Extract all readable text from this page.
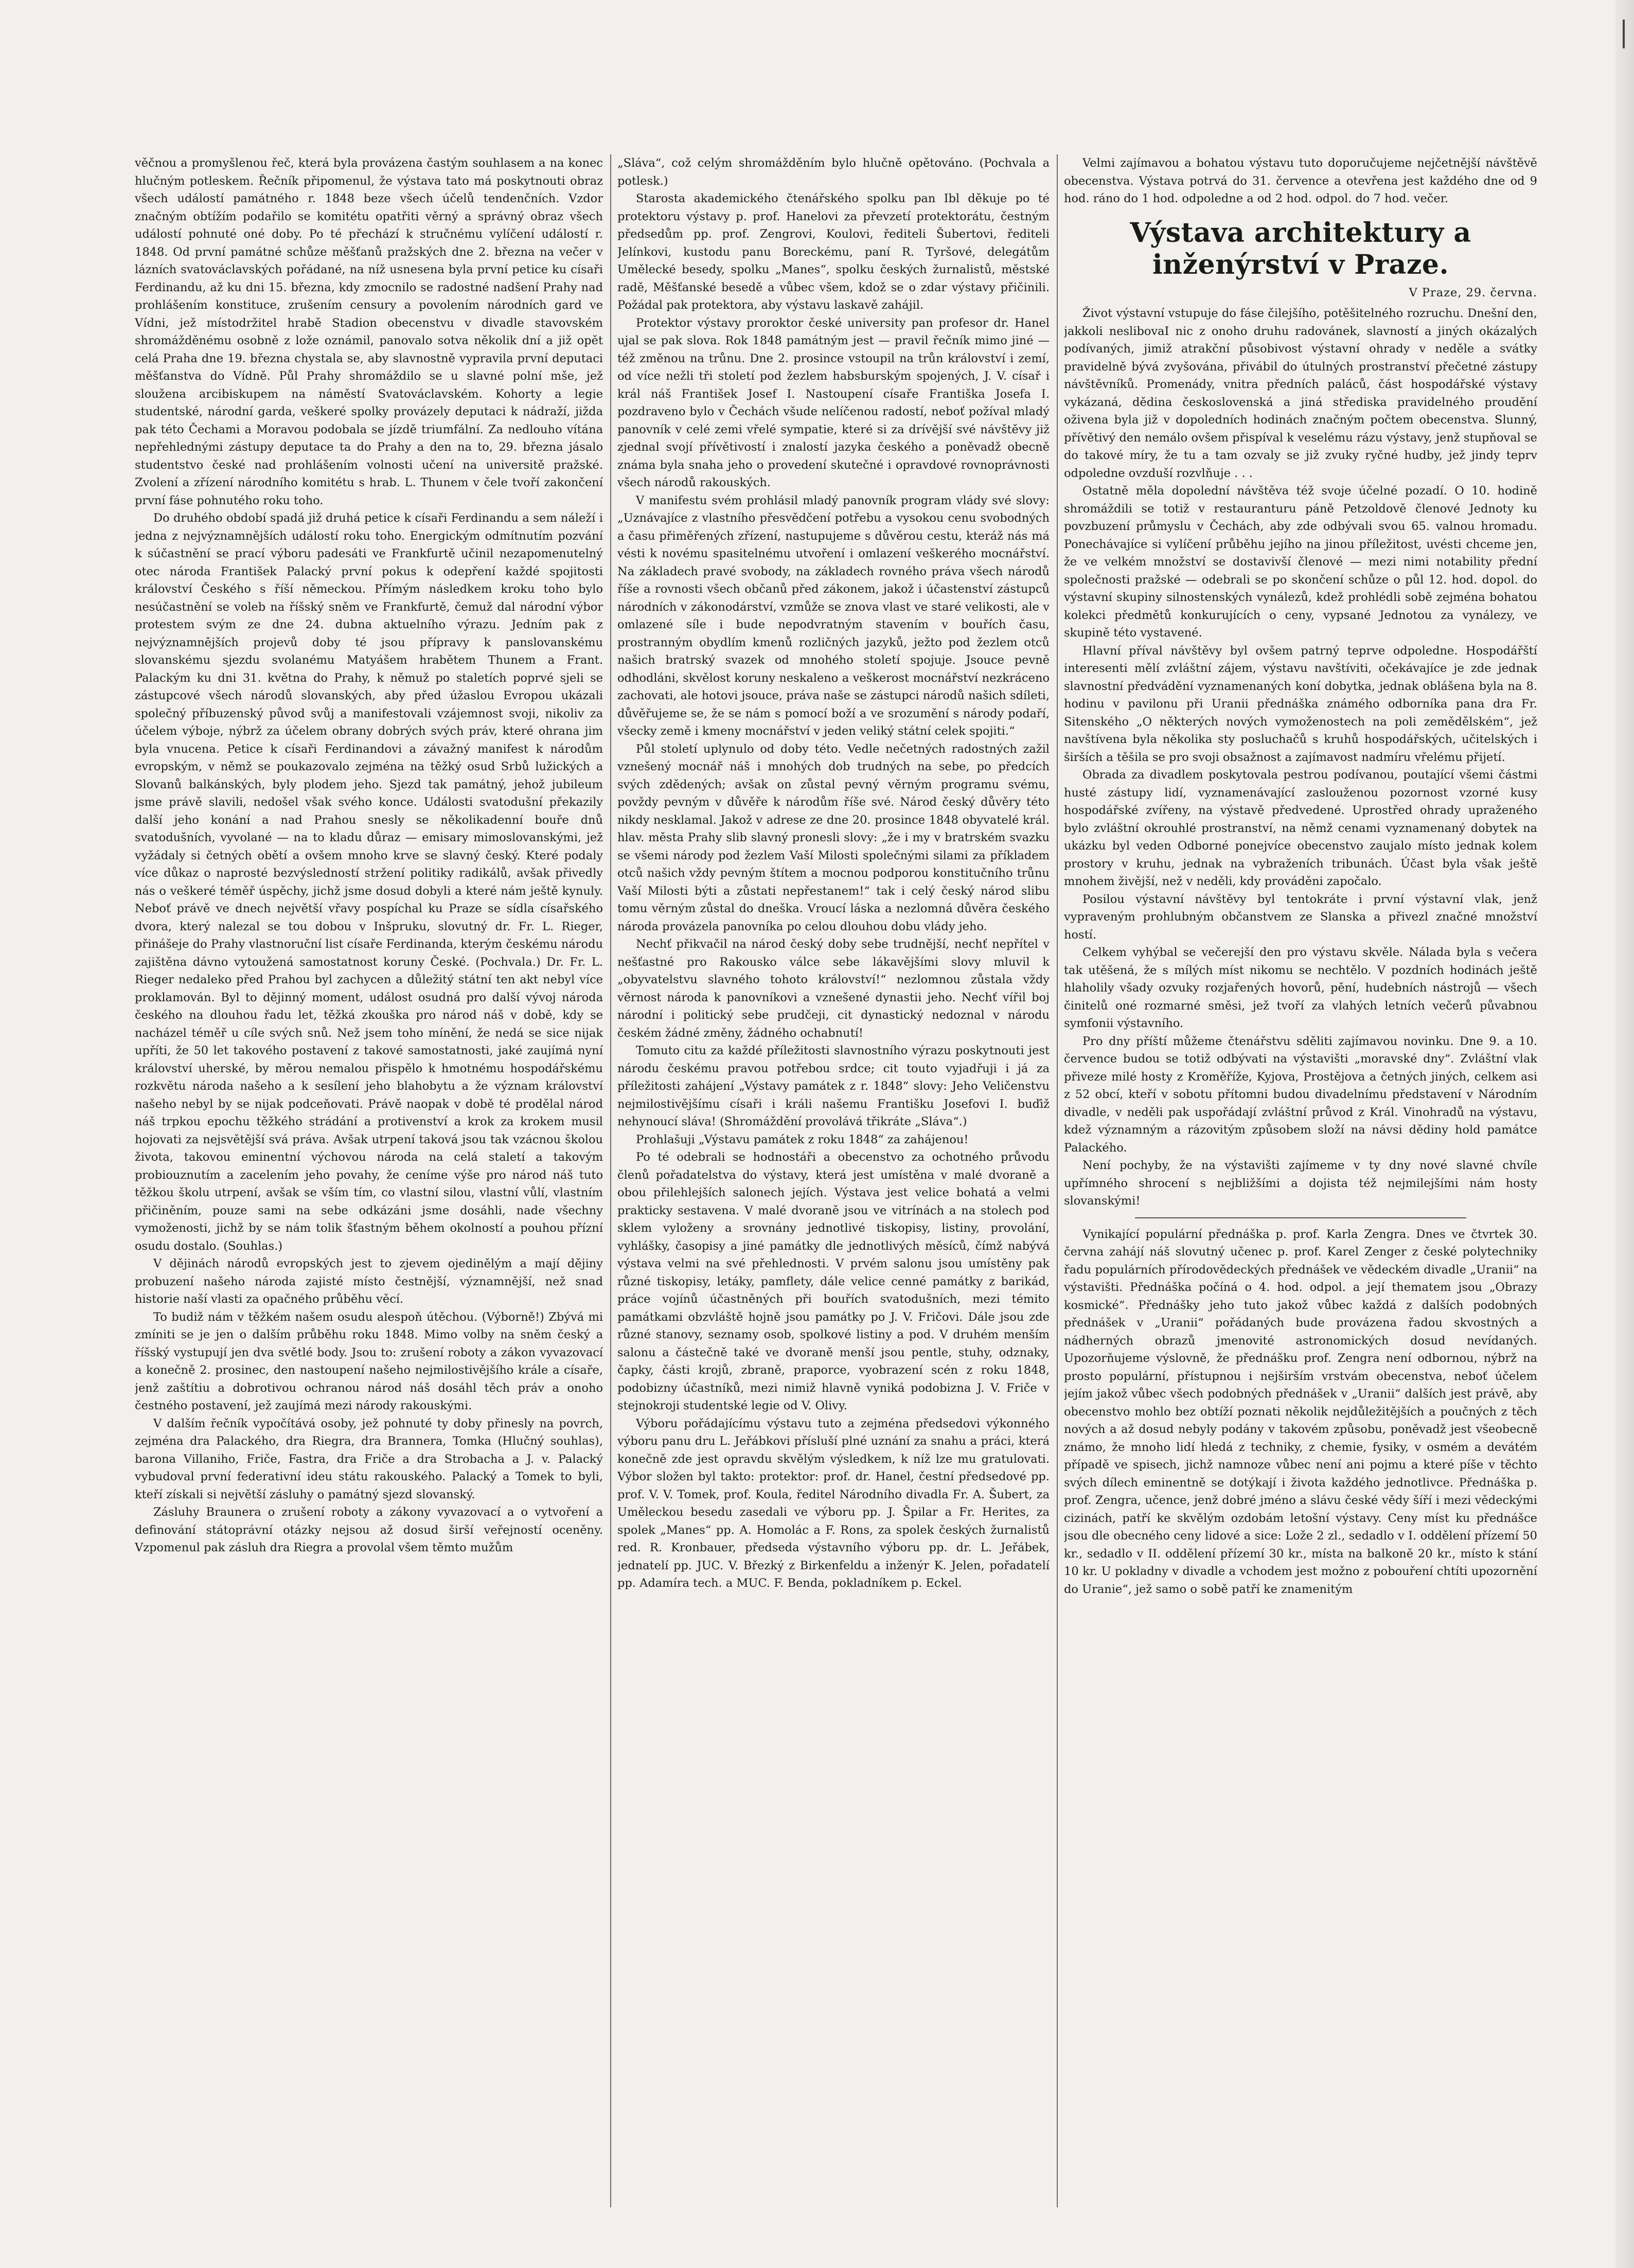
věčnou a promyšlenou řeč, která byla provázena častým souhlasem a na konec hlučným potleskem. Řečník připomenul, že výstava tato má poskytnouti obraz všech událostí památného r. 1848 beze všech účelů tendenčních. Vzdor značným obtížím podařilo se komitétu opatřiti věrný a správný obraz všech událostí pohnuté oné doby. Po té přechází k stručnému vylíčení událostí r. 1848. Od první památné schůze měšťanů pražských dne 2. března na večer v lázních svatováclavských pořádané, na níž usnesena byla první petice ku císaři Ferdinandu, až ku dni 15. března, kdy zmocnilo se radostné nadšení Prahy nad prohlášením konstituce, zrušením censury a povolením národních gard ve Vídni, jež místodržitel hrabě Stadion obecenstvu v divadle stavovském shromážděnému osobně z lože oznámil, panovalo sotva několik dní a již opět celá Praha dne 19. března chystala se, aby slavnostně vypravila první deputaci měšťanstva do Vídně. Půl Prahy shromáždilo se u slavné polní mše, jež sloužena arcibiskupem na náměstí Svatováclavském. Kohorty a legie studentské, národní garda, veškeré spolky provázely deputaci k nádraží, jižda pak této Čechami a Moravou podobala se jízdě triumfální. Za nedlouho vítána nepřehlednými zástupy deputace ta do Prahy a den na to, 29. března jásalo studentstvo české nad prohlášením volnosti učení na universitě pražské. Zvolení a zřízení národního komitétu s hrab. L. Thunem v čele tvoří zakončení první fáse pohnutého roku toho.

Do druhého období spadá již druhá petice k císaři Ferdinandu a sem náleží i jedna z nejvýznamnějších událostí roku toho. Energickým odmítnutím pozvání k súčastnění se prací výboru padesáti ve Frankfurtě učinil nezapomenutelný otec národa František Palacký první pokus k odepření každé spojitosti království Českého s říší německou. Přímým následkem kroku toho bylo nesúčastnění se voleb na říšský sněm ve Frankfurtě, čemuž dal národní výbor protestem svým ze dne 24. dubna aktuelního výrazu. Jedním pak z nejvýznamnějších projevů doby té jsou přípravy k panslovanskému slovanskému sjezdu svolanému Matyášem hrabětem Thunem a Frant. Palackým ku dni 31. května do Prahy, k němuž po staletích poprvé sjeli se zástupcové všech národů slovanských, aby před úžaslou Evropou ukázali společný příbuzenský původ svůj a manifestovali vzájemnost svoji, nikoliv za účelem výboje, nýbrž za účelem obrany dobrých svých práv, které ohrana jim byla vnucena. Petice k císaři Ferdinandovi a závažný manifest k národům evropským, v němž se poukazovalo zejména na těžký osud Srbů lužických a Slovanů balkánských, byly plodem jeho. Sjezd tak památný, jehož jubileum jsme právě slavili, nedošel však svého konce. Události svatodušní překazily další jeho konání a nad Prahou snesly se několikadenní bouře dnů svatodušních, vyvolané — na to kladu důraz — emisary mimoslovanskými, jež vyžádaly si četných obětí a ovšem mnoho krve se slavný český. Které podaly více důkaz o naprosté bezvýsledností stržení politiky radikálů, avšak přivedly nás o veškeré téměř úspěchy, jichž jsme dosud dobyli a které nám ještě kynuly. Neboť právě ve dnech největší vřavy pospíchal ku Praze se sídla císařského dvora, který nalezal se tou dobou v Inšpruku, slovutný dr. Fr. L. Rieger, přinášeje do Prahy vlastnoruční list císaře Ferdinanda, kterým českému národu zajištěna dávno vytoužená samostatnost koruny České. (Pochvala.) Dr. Fr. L. Rieger nedaleko před Prahou byl zachycen a důležitý státní ten akt nebyl více proklamován. Byl to dějinný moment, událost osudná pro další vývoj národa českého na dlouhou řadu let, těžká zkouška pro národ náš v době, kdy se nacházel téměř u cíle svých snů. Než jsem toho mínění, že nedá se sice nijak upříti, že 50 let takového postavení z takové samostatnosti, jaké zaujímá nyní království uherské, by měrou nemalou přispělo k hmotnému hospodářskému rozkvětu národa našeho a k sesílení jeho blahobytu a že význam království našeho nebyl by se nijak podceňovati. Právě naopak v době té prodělal národ náš trpkou epochu těžkého strádání a protivenství a krok za krokem musil hojovati za nejsvětější svá práva. Avšak utrpení taková jsou tak vzácnou školou života, takovou eminentní výchovou národa na celá staletí a takovým probiouznutím a zacelením jeho povahy, že ceníme výše pro národ náš tuto těžkou školu utrpení, avšak se vším tím, co vlastní silou, vlastní vůlí, vlastním přičiněním, pouze sami na sebe odkázáni jsme dosáhli, nade všechny vymoženosti, jichž by se nám tolik šťastným během okolností a pouhou přízní osudu dostalo. (Souhlas.)

V dějinách národů evropských jest to zjevem ojedinělým a mají dějiny probuzení našeho národa zajisté místo čestnější, významnější, než snad historie naší vlasti za opačného průběhu věcí.

To budiž nám v těžkém našem osudu alespoň útěchou. (Výborně!) Zbývá mi zmíniti se je jen o dalším průběhu roku 1848. Mimo volby na sněm český a říšský vystupují jen dva světlé body. Jsou to: zrušení roboty a zákon vyvazovací a konečně 2. prosinec, den nastoupení našeho nejmilostivějšího krále a císaře, jenž zaštítiu a dobrotivou ochranou národ náš dosáhl těch práv a onoho čestného postavení, jež zaujímá mezi národy rakouskými.

V dalším řečník vypočítává osoby, jež pohnuté ty doby přinesly na povrch, zejména dra Palackého, dra Riegra, dra Brannera, Tomka (Hlučný souhlas), barona Villaniho, Friče, Fastra, dra Friče a dra Strobacha a J. v. Palacký vybudoval první federativní ideu státu rakouského. Palacký a Tomek to byli, kteří získali si největší zásluhy o památný sjezd slovanský.

Zásluhy Braunera o zrušení roboty a zákony vyvazovací a o vytvoření a definování státoprávní otázky nejsou až dosud širší veřejností oceněny. Vzpomenul pak zásluh dra Riegra a provolal všem těmto mužům

„Sláva“, což celým shromážděním bylo hlučně opětováno. (Pochvala a potlesk.)

Starosta akademického čtenářského spolku pan Ibl děkuje po té protektoru výstavy p. prof. Hanelovi za převzetí protektorátu, čestným předsedům pp. prof. Zengrovi, Koulovi, řediteli Šubertovi, řediteli Jelínkovi, kustodu panu Boreckému, paní R. Tyršové, delegátům Umělecké besedy, spolku „Manes“, spolku českých žurnalistů, městské radě, Měšťanské besedě a vůbec všem, kdož se o zdar výstavy přičinili. Požádal pak protektora, aby výstavu laskavě zahájil.

Protektor výstavy proroktor české university pan profesor dr. Hanel ujal se pak slova. Rok 1848 památným jest — pravil řečník mimo jiné — též změnou na trůnu. Dne 2. prosince vstoupil na trůn království i zemí, od více nežli tři století pod žezlem habsburským spojených, J. V. císař i král náš František Josef I. Nastoupení císaře Františka Josefa I. pozdraveno bylo v Čechách všude nelíčenou radostí, neboť požíval mladý panovník v celé zemi vřelé sympatie, které si za drívější své návštěvy již zjednal svojí přívětivostí i znalostí jazyka českého a poněvadž obecně známa byla snaha jeho o provedení skutečné i opravdové rovnoprávnosti všech národů rakouských.

V manifestu svém prohlásil mladý panovník program vlády své slovy: „Uznávajíce z vlastního přesvědčení potřebu a vysokou cenu svobodných a času přiměřených zřízení, nastupujeme s důvěrou cestu, kteráž nás má vésti k novému spasitelnému utvoření i omlazení veškerého mocnářství. Na základech pravé svobody, na základech rovného práva všech národů říše a rovnosti všech občanů před zákonem, jakož i účastenství zástupců národních v zákonodárství, vzmůže se znova vlast ve staré velikosti, ale v omlazené síle i bude nepodvratným stavením v bouřích času, prostranným obydlím kmenů rozličných jazyků, ježto pod žezlem otců našich bratrský svazek od mnohého století spojuje. Jsouce pevně odhodláni, skvělost koruny neskaleno a veškerost mocnářství nezkráceno zachovati, ale hotovi jsouce, práva naše se zástupci národů našich sdíleti, důvěřujeme se, že se nám s pomocí boží a ve srozumění s národy podaří, všecky země i kmeny mocnářství v jeden veliký státní celek spojiti.“

Půl století uplynulo od doby této. Vedle nečetných radostných zažil vznešený mocnář náš i mnohých dob trudných na sebe, po předcích svých zdědených; avšak on zůstal pevný věrným programu svému, povždy pevným v důvěře k národům říše své. Národ český důvěry této nikdy nesklamal. Jakož v adrese ze dne 20. prosince 1848 obyvatelé král. hlav. města Prahy slib slavný pronesli slovy: „že i my v bratrském svazku se všemi národy pod žezlem Vaší Milosti společnými silami za příkladem otců našich vždy pevným štítem a mocnou podporou konstitučního trůnu Vaší Milosti býti a zůstati nepřestanem!“ tak i celý český národ slibu tomu věrným zůstal do dneška. Vroucí láska a nezlomná důvěra českého národa provázela panovníka po celou dlouhou dobu vlády jeho.

Nechť přikvačil na národ český doby sebe trudnější, nechť nepřítel v nešťastné pro Rakousko válce sebe lákavějšími slovy mluvil k „obyvatelstvu slavného tohoto království!“ nezlomnou zůstala vždy věrnost národa k panovníkovi a vznešené dynastii jeho. Nechť vířil boj národní i politický sebe prudčeji, cit dynastický nedoznal v národu českém žádné změny, žádného ochabnutí!

Tomuto citu za každé příležitosti slavnostního výrazu poskytnouti jest národu českému pravou potřebou srdce; cit touto vyjadřuji i já za příležitosti zahájení „Výstavy památek z r. 1848“ slovy: Jeho Veličenstvu nejmilostivějšímu císaři i králi našemu Františku Josefovi I. buďiž nehynoucí sláva! (Shromáždění provolává třikráte „Sláva“.)

Prohlašuji „Výstavu památek z roku 1848“ za zahájenou!

Po té odebrali se hodnostáři a obecenstvo za ochotného průvodu členů pořadatelstva do výstavy, která jest umístěna v malé dvoraně a obou přilehlejších salonech jejích. Výstava jest velice bohatá a velmi prakticky sestavena. V malé dvoraně jsou ve vitrínách a na stolech pod sklem vyloženy a srovnány jednotlivé tiskopisy, listiny, provolání, vyhlášky, časopisy a jiné památky dle jednotlivých měsíců, čímž nabývá výstava velmi na své přehlednosti. V prvém salonu jsou umístěny pak různé tiskopisy, letáky, pamflety, dále velice cenné památky z barikád, práce vojínů účastněných při bouřích svatodušních, mezi témito památkami obzvláště hojně jsou památky po J. V. Fričovi. Dále jsou zde různé stanovy, seznamy osob, spolkové listiny a pod. V druhém menším salonu a částečně také ve dvoraně menší jsou pentle, stuhy, odznaky, čapky, části krojů, zbraně, praporce, vyobrazení scén z roku 1848, podobizny účastníků, mezi nimiž hlavně vyniká podobizna J. V. Friče v stejnokroji studentské legie od V. Olivy.

Výboru pořádajícímu výstavu tuto a zejména předsedovi výkonného výboru panu dru L. Jeřábkovi přísluší plné uznání za snahu a práci, která konečně zde jest opravdu skvělým výsledkem, k níž lze mu gratulovati. Výbor složen byl takto: protektor: prof. dr. Hanel, čestní předsedové pp. prof. V. V. Tomek, prof. Koula, ředitel Národního divadla Fr. A. Šubert, za Uměleckou besedu zasedali ve výboru pp. J. Špilar a Fr. Herites, za spolek „Manes“ pp. A. Homolác a F. Rons, za spolek českých žurnalistů red. R. Kronbauer, předseda výstavního výboru pp. dr. L. Jeřábek, jednatelí pp. JUC. V. Březký z Birkenfeldu a inženýr K. Jelen, pořadatelí pp. Adamíra tech. a MUC. F. Benda, pokladníkem p. Eckel.

Velmi zajímavou a bohatou výstavu tuto doporučujeme nejčetnější návštěvě obecenstva. Výstava potrvá do 31. července a otevřena jest každého dne od 9 hod. ráno do 1 hod. odpoledne a od 2 hod. odpol. do 7 hod. večer.

Výstava architektury a inženýrství v Praze.
V Praze, 29. června.

Život výstavní vstupuje do fáse čilejšího, potěšitelného rozruchu. Dnešní den, jakkoli neslibovaI nic z onoho druhu radovánek, slavností a jiných okázalých podívaných, jimiž atrakční působivost výstavní ohrady v neděle a svátky pravidelně bývá zvyšována, přivábil do útulných prostranství přečetné zástupy návštěvníků. Promenády, vnitra předních paláců, část hospodářské výstavy vykázaná, dědina československá a jiná střediska pravidelného proudění oživena byla již v dopoledních hodinách značným počtem obecenstva. Slunný, přívětivý den nemálo ovšem přispíval k veselému rázu výstavy, jenž stupňoval se do takové míry, že tu a tam ozvaly se již zvuky ryčné hudby, jež jindy teprv odpoledne ovzduší rozvlňuje . . .

Ostatně měla dopolední návštěva též svoje účelné pozadí. O 10. hodině shromáždili se totiž v restauranturu páně Petzoldově členové Jednoty ku povzbuzení průmyslu v Čechách, aby zde odbývali svou 65. valnou hromadu. Ponechávajíce si vylíčení průběhu jejího na jinou příležitost, uvésti chceme jen, že ve velkém množství se dostavivší členové — mezi nimi notability přední společnosti pražské — odebrali se po skončení schůze o půl 12. hod. dopol. do výstavní skupiny silnostenských vynálezů, kdež prohlédli sobě zejména bohatou kolekci předmětů konkurujících o ceny, vypsané Jednotou za vynálezy, ve skupině této vystavené.

Hlavní příval návštěvy byl ovšem patrný teprve odpoledne. Hospodářští interesenti mělí zvláštní zájem, výstavu navštíviti, očekávajíce je zde jednak slavnostní předvádění vyznamenaných koní dobytka, jednak oblášena byla na 8. hodinu v pavilonu při Uranii přednáška známého odborníka pana dra Fr. Sitenského „O některých nových vymoženostech na poli zemědělském“, jež navštívena byla několika sty posluchačů s kruhů hospodářských, učitelských i širších a těšila se pro svoji obsažnost a zajímavost nadmíru vřelému přijetí.

Obrada za divadlem poskytovala pestrou podívanou, poutající všemi částmi husté zástupy lidí, vyznamenávající zaslouženou pozornost vzorné kusy hospodářské zvířeny, na výstavě předvedené. Uprostřed ohrady upraženého bylo zvláštní okrouhlé prostranství, na němž cenami vyznamenaný dobytek na ukázku byl veden Odborné ponejvíce obecenstvo zaujalo místo jednak kolem prostory v kruhu, jednak na vybraženích tribunách. Účast byla však ještě mnohem živější, než v neděli, kdy prováděni započalo.

Posilou výstavní návštěvy byl tentokráte i první výstavní vlak, jenž vypraveným prohlubným občanstvem ze Slanska a přivezl značné množství hostí.

Celkem vyhýbal se večerejší den pro výstavu skvěle. Nálada byla s večera tak utěšená, že s mílých míst nikomu se nechtělo. V pozdních hodinách ještě hlaholily všady ozvuky rozjařených hovorů, pění, hudebních nástrojů — všech činitelů oné rozmarné směsi, jež tvoří za vlahých letních večerů půvabnou symfonii výstavního.

Pro dny příští můžeme čtenářstvu sděliti zajímavou novinku. Dne 9. a 10. července budou se totiž odbývati na výstavišti „moravské dny“. Zvláštní vlak přiveze milé hosty z Kroměříže, Kyjova, Prostějova a četných jiných, celkem asi z 52 obcí, kteří v sobotu přítomni budou divadelnímu představení v Národním divadle, v neděli pak uspořádají zvláštní průvod z Král. Vinohradů na výstavu, kdež významným a rázovitým způsobem složí na návsi dědiny hold památce Palackého.

Není pochyby, že na výstavišti zajímeme v ty dny nové slavné chvíle upřímného shrocení s nejbližšími a dojista též nejmilejšími nám hosty slovanskými!

Vynikající populární přednáška p. prof. Karla Zengra. Dnes ve čtvrtek 30. června zahájí náš slovutný učenec p. prof. Karel Zenger z české polytechniky řadu populárních přírodovědeckých přednášek ve vědeckém divadle „Uranii“ na výstavišti. Přednáška počíná o 4. hod. odpol. a její thematem jsou „Obrazy kosmické“. Přednášky jeho tuto jakož vůbec každá z dalších podobných přednášek v „Uranii“ pořádaných bude provázena řadou skvostných a nádherných obrazů jmenovité astronomických dosud nevídaných. Upozorňujeme výslovně, že přednášku prof. Zengra není odbornou, nýbrž na prosto populární, přístupnou i nejširším vrstvám obecenstva, neboť účelem jejím jakož vůbec všech podobných přednášek v „Uranii“ dalších jest právě, aby obecenstvo mohlo bez obtíží poznati několik nejdůležitějších a poučných z těch nových a až dosud nebyly podány v takovém způsobu, poněvadž jest všeobecně známo, že mnoho lidí hledá z techniky, z chemie, fysiky, v osmém a devátém případě ve spisech, jichž namnoze vůbec není ani pojmu a které píše v těchto svých dílech eminentně se dotýkají i života každého jednotlivce. Přednáška p. prof. Zengra, učence, jenž dobré jméno a slávu české vědy šíří i mezi vědeckými cizinách, patří ke skvělým ozdobám letošní výstavy. Ceny míst ku přednášce jsou dle obecného ceny lidové a sice: Lože 2 zl., sedadlo v I. oddělení přízemí 50 kr., sedadlo v II. oddělení přízemí 30 kr., místa na balkoně 20 kr., místo k stání 10 kr. U pokladny v divadle a vchodem jest možno z pobouření chtíti upozornění do Uranie“, jež samo o sobě patří ke znamenitým
